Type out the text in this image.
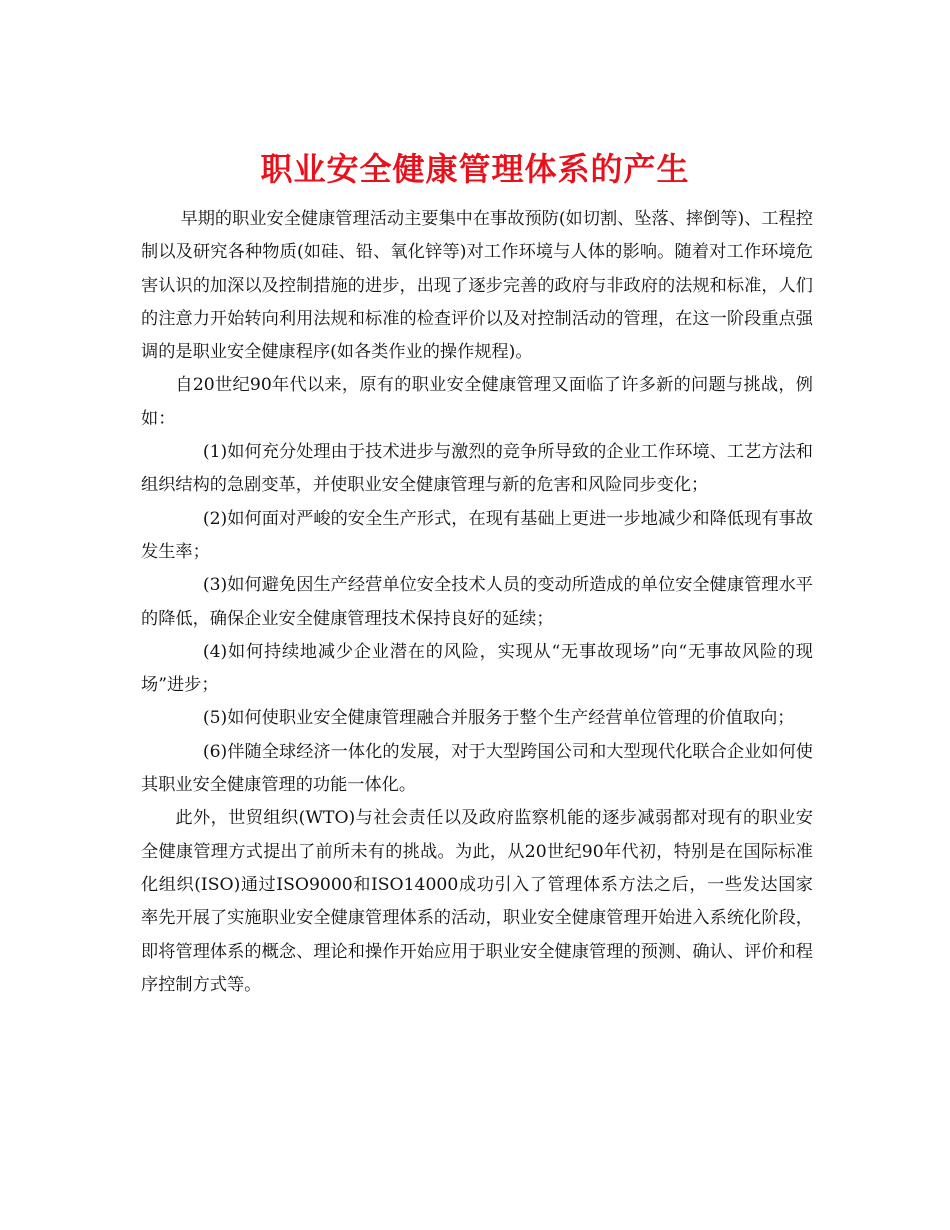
职业安全健康管理体系的产生

早期的职业安全健康管理活动主要集中在事故预防(如切割、坠落、摔倒等)、工程控制以及研究各种物质(如硅、铅、氧化锌等)对工作环境与人体的影响。随着对工作环境危害认识的加深以及控制措施的进步，出现了逐步完善的政府与非政府的法规和标准，人们的注意力开始转向利用法规和标准的检查评价以及对控制活动的管理，在这一阶段重点强调的是职业安全健康程序(如各类作业的操作规程)。

自20世纪90年代以来，原有的职业安全健康管理又面临了许多新的问题与挑战，例如：

(1)如何充分处理由于技术进步与激烈的竞争所导致的企业工作环境、工艺方法和组织结构的急剧变革，并使职业安全健康管理与新的危害和风险同步变化；

(2)如何面对严峻的安全生产形式，在现有基础上更进一步地减少和降低现有事故发生率；

(3)如何避免因生产经营单位安全技术人员的变动所造成的单位安全健康管理水平的降低，确保企业安全健康管理技术保持良好的延续；

(4)如何持续地减少企业潜在的风险，实现从“无事故现场”向“无事故风险的现场”进步；

(5)如何使职业安全健康管理融合并服务于整个生产经营单位管理的价值取向；

(6)伴随全球经济一体化的发展，对于大型跨国公司和大型现代化联合企业如何使其职业安全健康管理的功能一体化。

此外，世贸组织(WTO)与社会责任以及政府监察机能的逐步减弱都对现有的职业安全健康管理方式提出了前所未有的挑战。为此，从20世纪90年代初，特别是在国际标准化组织(ISO)通过ISO9000和ISO14000成功引入了管理体系方法之后，一些发达国家率先开展了实施职业安全健康管理体系的活动，职业安全健康管理开始进入系统化阶段，即将管理体系的概念、理论和操作开始应用于职业安全健康管理的预测、确认、评价和程序控制方式等。
